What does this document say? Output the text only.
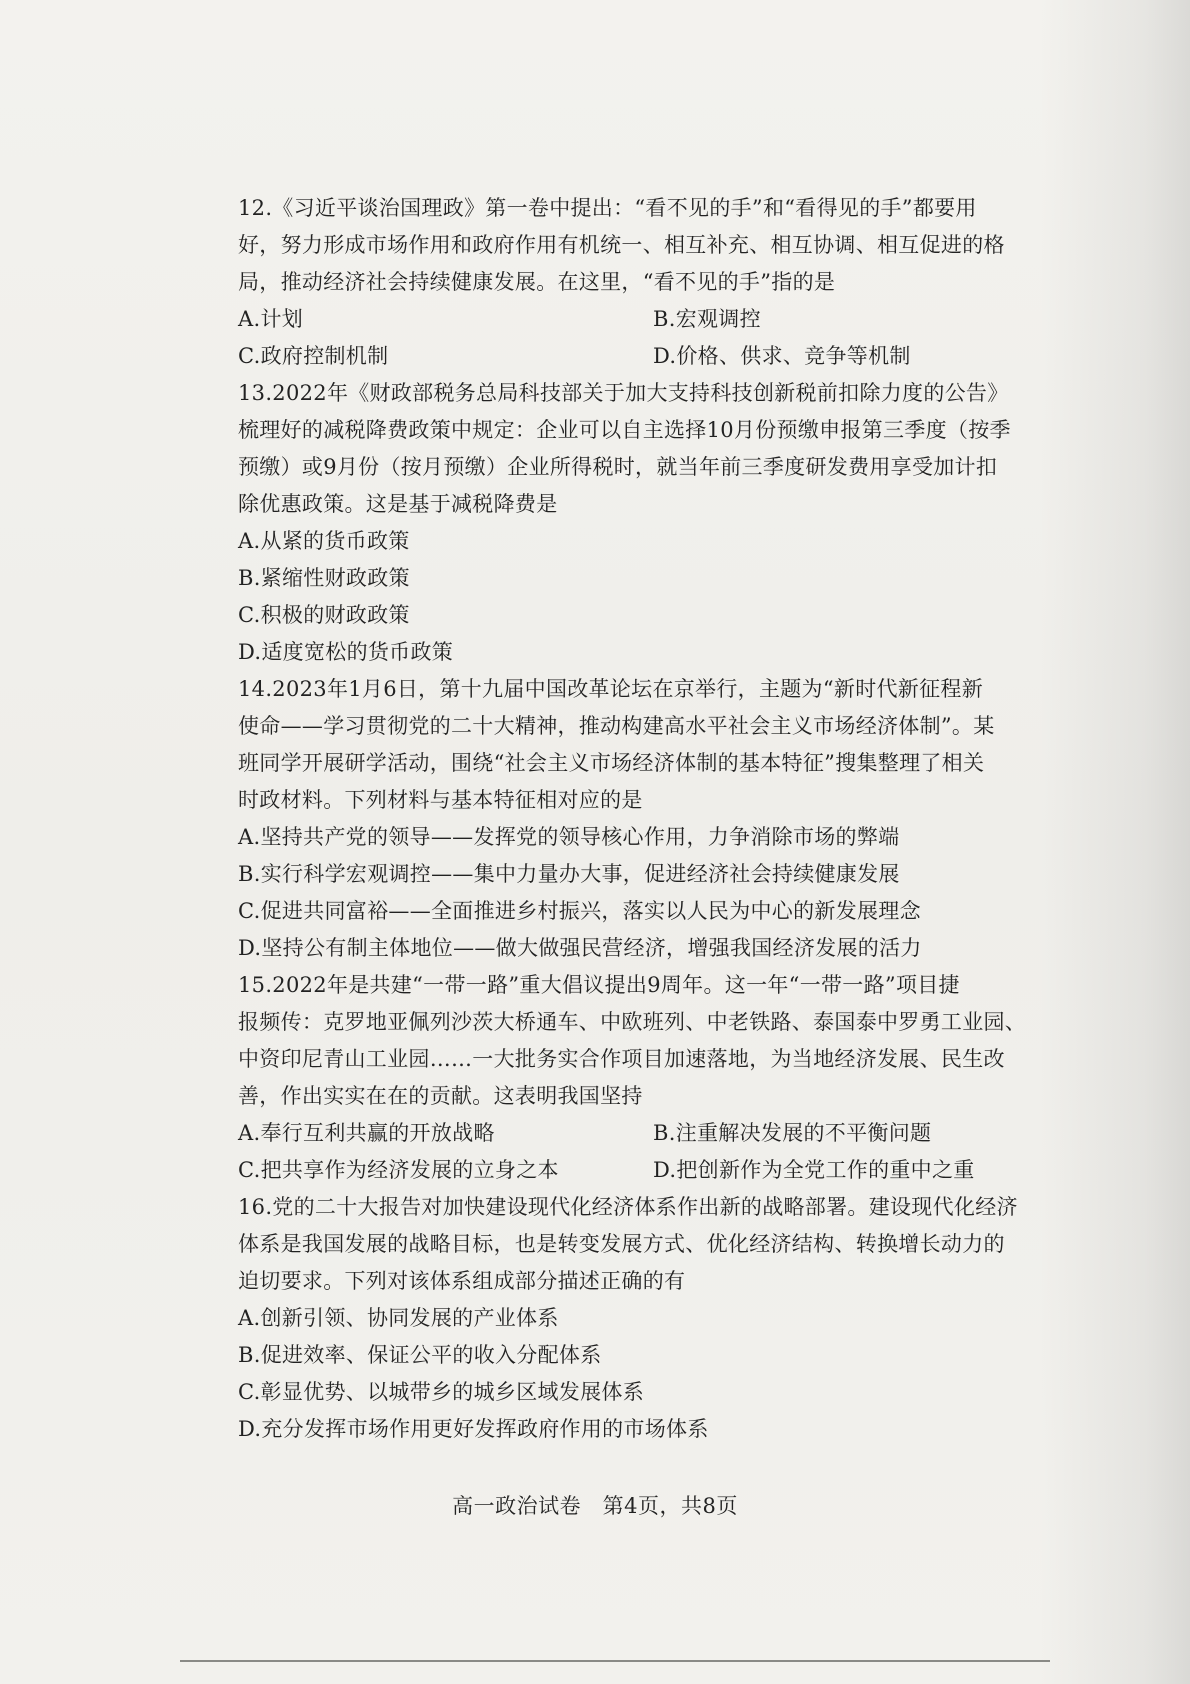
12.《习近平谈治国理政》第一卷中提出：“看不见的手”和“看得见的手”都要用
好，努力形成市场作用和政府作用有机统一、相互补充、相互协调、相互促进的格
局，推动经济社会持续健康发展。在这里，“看不见的手”指的是
A.计划	B.宏观调控
C.政府控制机制	D.价格、供求、竞争等机制
13.2022年《财政部税务总局科技部关于加大支持科技创新税前扣除力度的公告》
梳理好的减税降费政策中规定：企业可以自主选择10月份预缴申报第三季度（按季
预缴）或9月份（按月预缴）企业所得税时，就当年前三季度研发费用享受加计扣
除优惠政策。这是基于减税降费是
A.从紧的货币政策
B.紧缩性财政政策
C.积极的财政政策
D.适度宽松的货币政策
14.2023年1月6日，第十九届中国改革论坛在京举行，主题为“新时代新征程新
使命——学习贯彻党的二十大精神，推动构建高水平社会主义市场经济体制”。某
班同学开展研学活动，围绕“社会主义市场经济体制的基本特征”搜集整理了相关
时政材料。下列材料与基本特征相对应的是
A.坚持共产党的领导——发挥党的领导核心作用，力争消除市场的弊端
B.实行科学宏观调控——集中力量办大事，促进经济社会持续健康发展
C.促进共同富裕——全面推进乡村振兴，落实以人民为中心的新发展理念
D.坚持公有制主体地位——做大做强民营经济，增强我国经济发展的活力
15.2022年是共建“一带一路”重大倡议提出9周年。这一年“一带一路”项目捷
报频传：克罗地亚佩列沙茨大桥通车、中欧班列、中老铁路、泰国泰中罗勇工业园、
中资印尼青山工业园……一大批务实合作项目加速落地，为当地经济发展、民生改
善，作出实实在在的贡献。这表明我国坚持
A.奉行互利共赢的开放战略	B.注重解决发展的不平衡问题
C.把共享作为经济发展的立身之本	D.把创新作为全党工作的重中之重
16.党的二十大报告对加快建设现代化经济体系作出新的战略部署。建设现代化经济
体系是我国发展的战略目标，也是转变发展方式、优化经济结构、转换增长动力的
迫切要求。下列对该体系组成部分描述正确的有
A.创新引领、协同发展的产业体系
B.促进效率、保证公平的收入分配体系
C.彰显优势、以城带乡的城乡区域发展体系
D.充分发挥市场作用更好发挥政府作用的市场体系
高一政治试卷　第4页，共8页
